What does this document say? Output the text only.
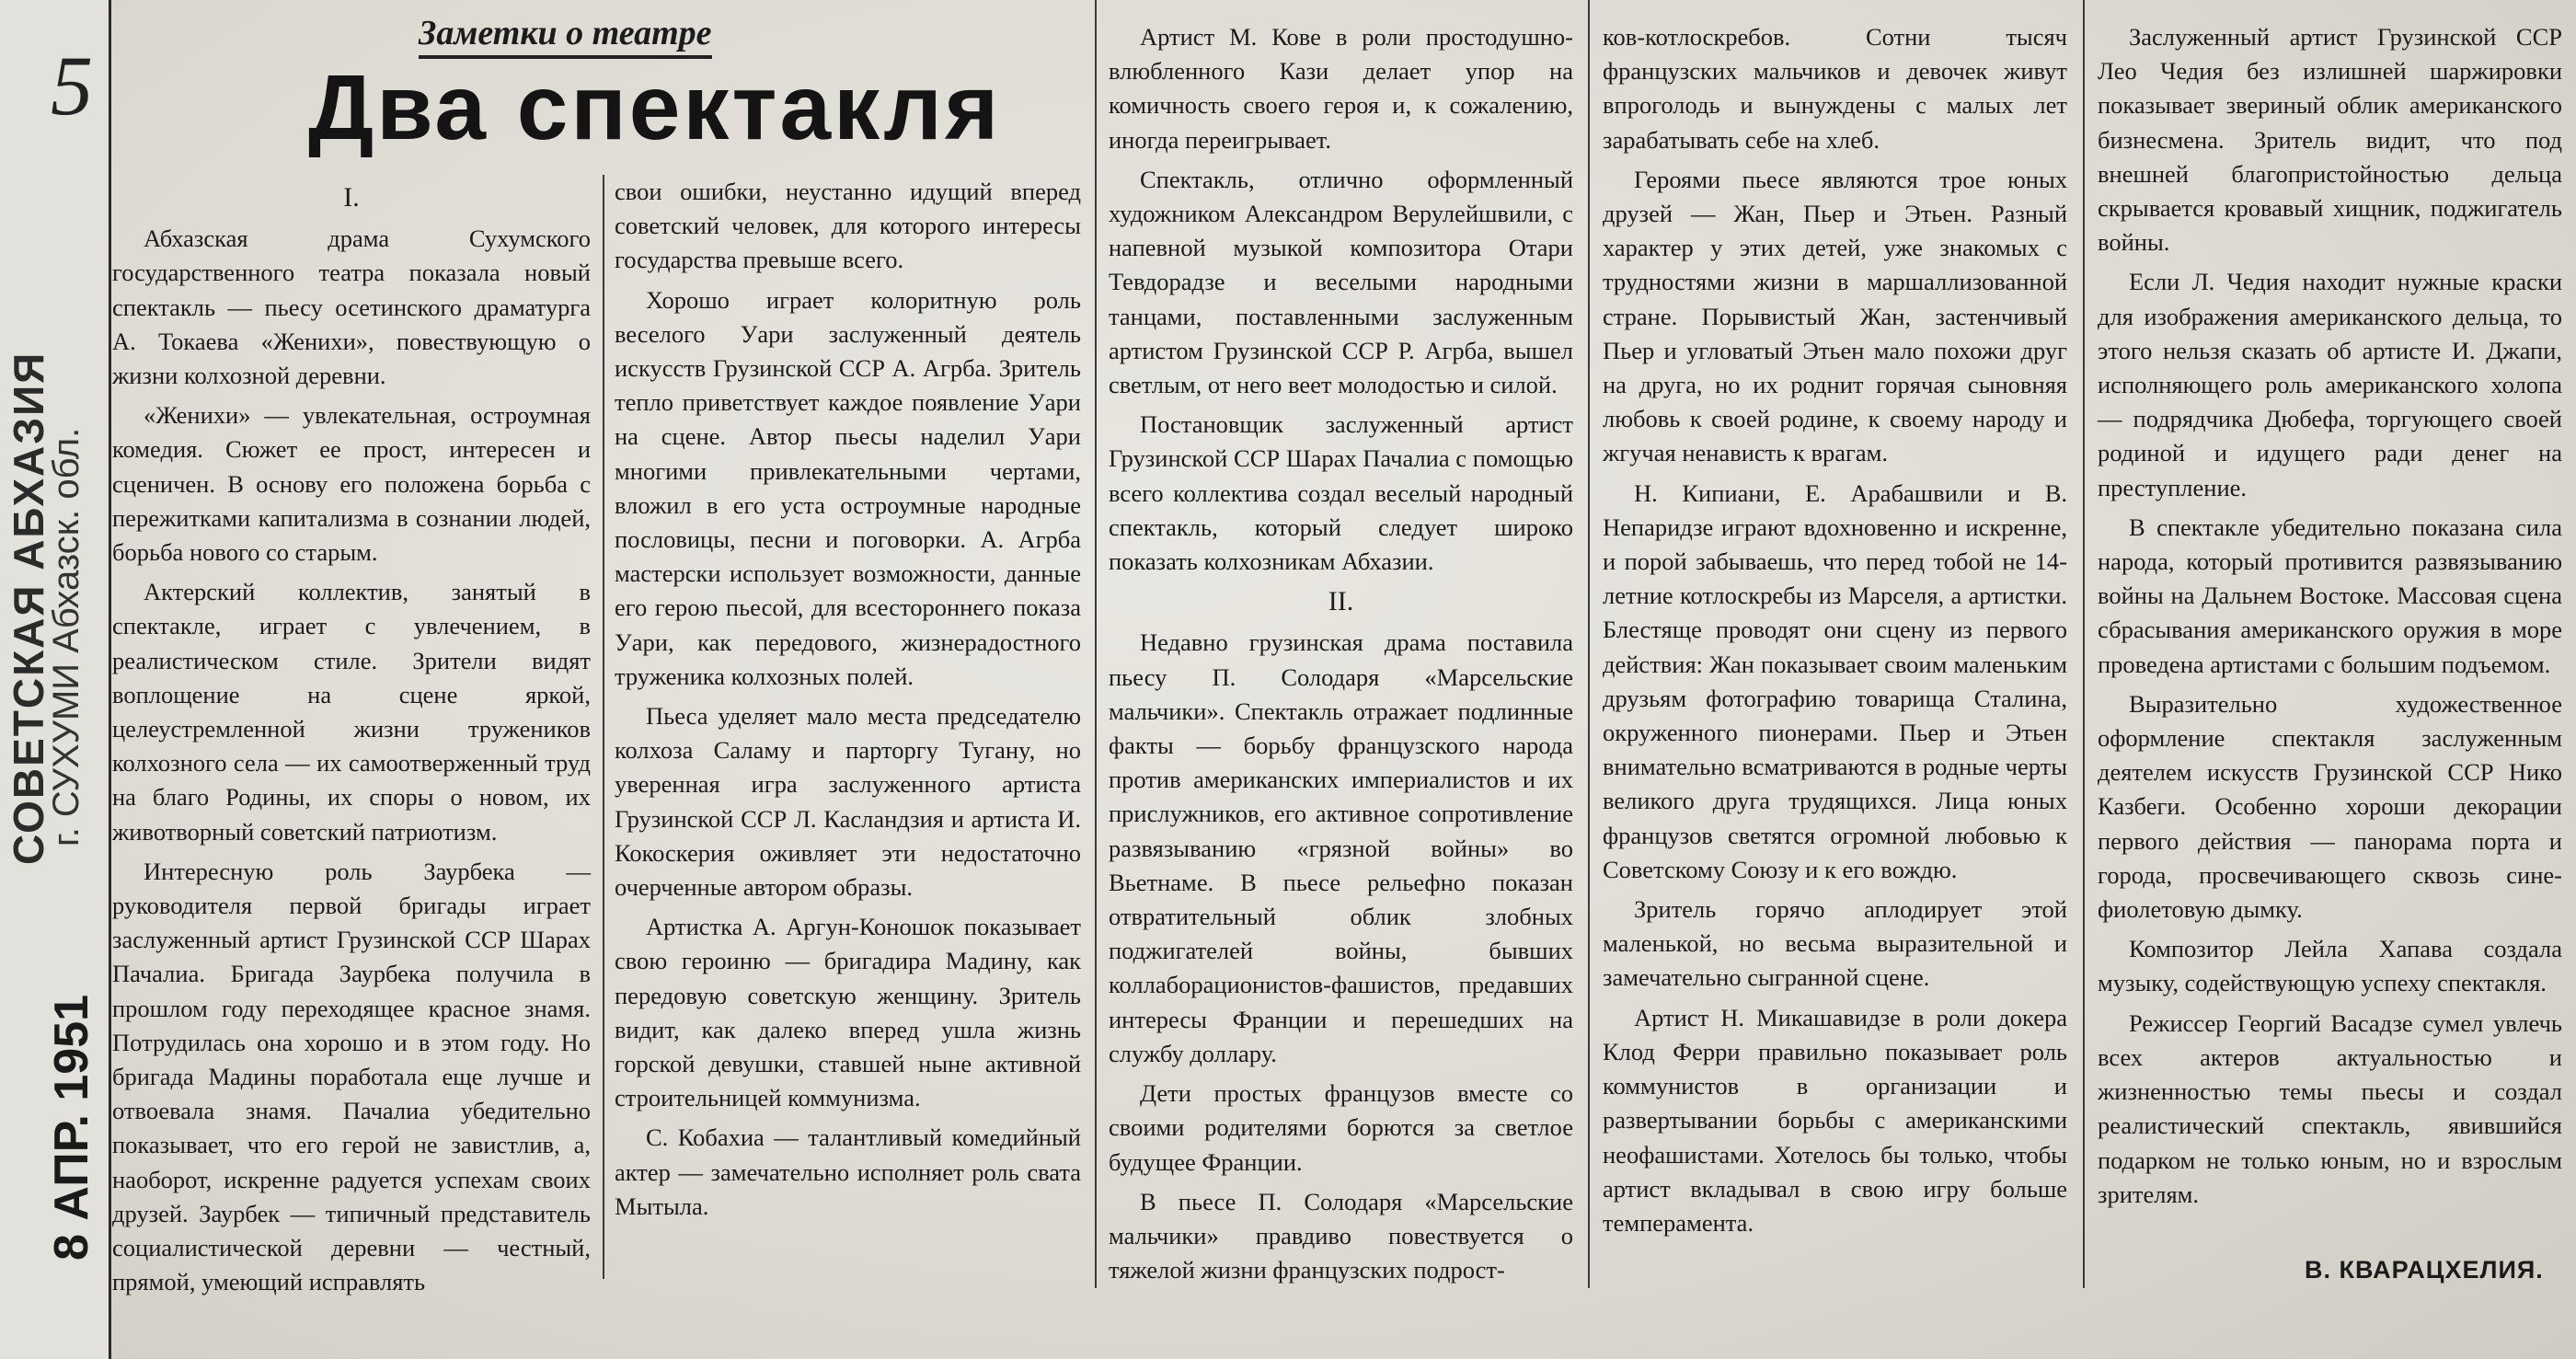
5
СОВЕТСКАЯ АБХАЗИЯ
г. СУХУМИ Абхазск. обл.
8 АПР. 1951
Заметки о театре
Два спектакля
I.

Абхазская драма Сухумского государственного театра показала новый спектакль — пьесу осетинского драматурга А. Токаева «Женихи», повествующую о жизни колхозной деревни.

«Женихи» — увлекательная, остроумная комедия. Сюжет ее прост, интересен и сценичен. В основу его положена борьба с пережитками капитализма в сознании людей, борьба нового со старым.

Актерский коллектив, занятый в спектакле, играет с увлечением, в реалистическом стиле. Зрители видят воплощение на сцене яркой, целеустремленной жизни тружеников колхозного села — их самоотверженный труд на благо Родины, их споры о новом, их животворный советский патриотизм.

Интересную роль Заурбека — руководителя первой бригады играет заслуженный артист Грузинской ССР Шарах Пачалиа. Бригада Заурбека получила в прошлом году переходящее красное знамя. Потрудилась она хорошо и в этом году. Но бригада Мадины поработала еще лучше и отвоевала знамя. Пачалиа убедительно показывает, что его герой не завистлив, а, наоборот, искренне радуется успехам своих друзей. Заурбек — типичный представитель социалистической деревни — честный, прямой, умеющий исправлять

свои ошибки, неустанно идущий вперед советский человек, для которого интересы государства превыше всего.

Хорошо играет колоритную роль веселого Уари заслуженный деятель искусств Грузинской ССР А. Агрба. Зритель тепло приветствует каждое появление Уари на сцене. Автор пьесы наделил Уари многими привлекательными чертами, вложил в его уста остроумные народные пословицы, песни и поговорки. А. Агрба мастерски использует возможности, данные его герою пьесой, для всестороннего показа Уари, как передового, жизнерадостного труженика колхозных полей.

Пьеса уделяет мало места председателю колхоза Саламу и парторгу Туганy, но уверенная игра заслуженного артиста Грузинской ССР Л. Касландзия и артиста И. Кокоскерия оживляет эти недостаточно очерченные автором образы.

Артистка А. Аргун-Коношок показывает свою героиню — бригадира Мадину, как передовую советскую женщину. Зритель видит, как далеко вперед ушла жизнь горской девушки, ставшей ныне активной строительницей коммунизма.

С. Кобахиа — талантливый комедийный актер — замечательно исполняет роль свата Мытыла.

Артист М. Кове в роли простодушно-влюбленного Кази делает упор на комичность своего героя и, к сожалению, иногда переигрывает.

Спектакль, отлично оформленный художником Александром Верулейшвили, с напевной музыкой композитора Отари Тевдорадзе и веселыми народными танцами, поставленными заслуженным артистом Грузинской ССР Р. Агрба, вышел светлым, от него веет молодостью и силой.

Постановщик заслуженный артист Грузинской ССР Шарах Пачалиа с помощью всего коллектива создал веселый народный спектакль, который следует широко показать колхозникам Абхазии.

II.

Недавно грузинская драма поставила пьесу П. Солодаря «Марсельские мальчики». Спектакль отражает подлинные факты — борьбу французского народа против американских империалистов и их прислужников, его активное сопротивление развязыванию «грязной войны» во Вьетнаме. В пьесе рельефно показан отвратительный облик злобных поджигателей войны, бывших коллаборационистов-фашистов, предавших интересы Франции и перешедших на службу доллару.

Дети простых французов вместе со своими родителями борются за светлое будущее Франции.

В пьесе П. Солодаря «Марсельские мальчики» правдиво повествуется о тяжелой жизни французских подрост-

ков-котлоскребов. Сотни тысяч французских мальчиков и девочек живут впроголодь и вынуждены с малых лет зарабатывать себе на хлеб.

Героями пьесе являются трое юных друзей — Жан, Пьер и Этьен. Разный характер у этих детей, уже знакомых с трудностями жизни в маршаллизованной стране. Порывистый Жан, застенчивый Пьер и угловатый Этьен мало похожи друг на друга, но их роднит горячая сыновняя любовь к своей родине, к своему народу и жгучая ненависть к врагам.

Н. Кипиани, Е. Арабашвили и В. Непаридзе играют вдохновенно и искренне, и порой забываешь, что перед тобой не 14-летние котлоскребы из Марселя, а артистки. Блестяще проводят они сцену из первого действия: Жан показывает своим маленьким друзьям фотографию товарища Сталина, окруженного пионерами. Пьер и Этьен внимательно всматриваются в родные черты великого друга трудящихся. Лица юных французов светятся огромной любовью к Советскому Союзу и к его вождю.

Зритель горячо аплодирует этой маленькой, но весьма выразительной и замечательно сыгранной сцене.

Артист Н. Микашавидзе в роли докера Клод Ферри правильно показывает роль коммунистов в организации и развертывании борьбы с американскими неофашистами. Хотелось бы только, чтобы артист вкладывал в свою игру больше темперамента.

Заслуженный артист Грузинской ССР Лео Чедия без излишней шаржировки показывает звериный облик американского бизнесмена. Зритель видит, что под внешней благопристойностью дельца скрывается кровавый хищник, поджигатель войны.

Если Л. Чедия находит нужные краски для изображения американского дельца, то этого нельзя сказать об артисте И. Джапи, исполняющего роль американского холопа — подрядчика Дюбефа, торгующего своей родиной и идущего ради денег на преступление.

В спектакле убедительно показана сила народа, который противится развязыванию войны на Дальнем Востоке. Массовая сцена сбрасывания американского оружия в море проведена артистами с большим подъемом.

Выразительно художественное оформление спектакля заслуженным деятелем искусств Грузинской ССР Нико Казбеги. Особенно хороши декорации первого действия — панорама порта и города, просвечивающего сквозь сине-фиолетовую дымку.

Композитор Лейла Хапава создала музыку, содействующую успеху спектакля.

Режиссер Георгий Васадзе сумел увлечь всех актеров актуальностью и жизненностью темы пьесы и создал реалистический спектакль, явившийся подарком не только юным, но и взрослым зрителям.

В. КВАРАЦХЕЛИЯ.
